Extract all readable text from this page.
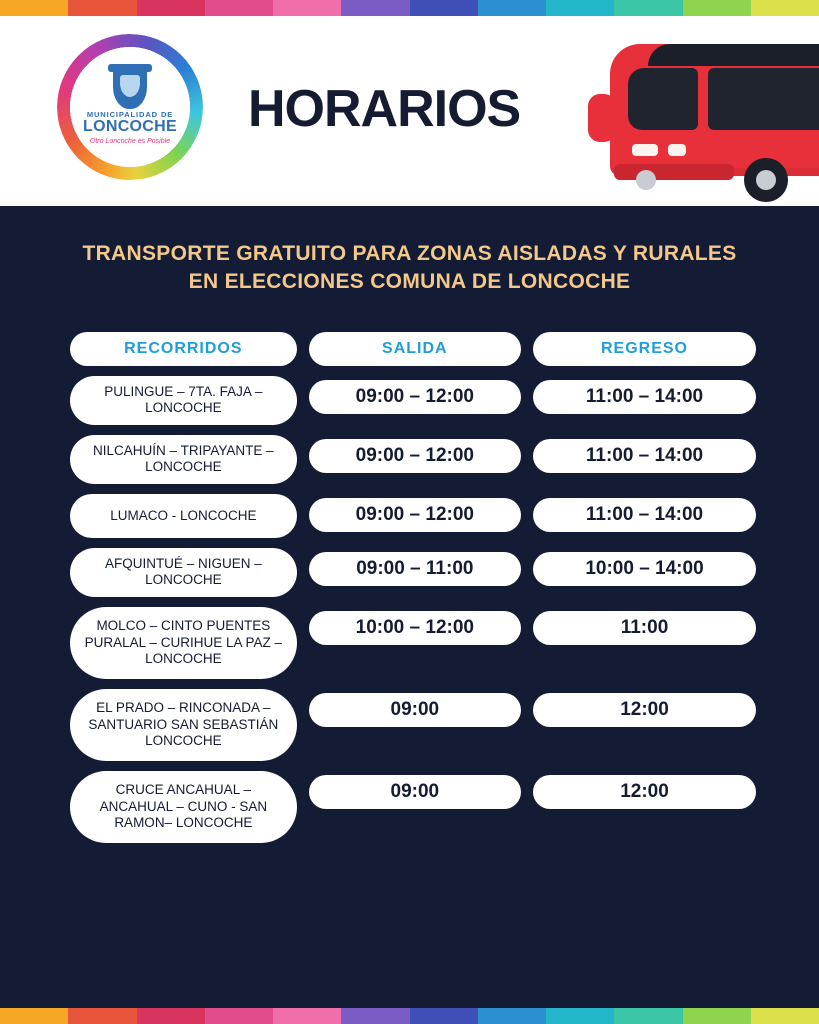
MUNICIPALIDAD DE
LONCOCHE
Otro Loncoche es Posible
HORARIOS
TRANSPORTE GRATUITO PARA ZONAS AISLADAS Y RURALES EN ELECCIONES COMUNA DE LONCOCHE
RECORRIDOS	SALIDA	REGRESO

PULINGUE – 7TA. FAJA – LONCOCHE	09:00 – 12:00	11:00 – 14:00

NILCAHUÍN – TRIPAYANTE – LONCOCHE	09:00 – 12:00	11:00 – 14:00

LUMACO - LONCOCHE	09:00 – 12:00	11:00 – 14:00

AFQUINTUÉ – NIGUEN – LONCOCHE	09:00 – 11:00	10:00 – 14:00

MOLCO – CINTO PUENTES PURALAL – CURIHUE LA PAZ – LONCOCHE	10:00 – 12:00	11:00

EL PRADO – RINCONADA – SANTUARIO SAN SEBASTIÁN LONCOCHE	09:00	12:00

CRUCE ANCAHUAL – ANCAHUAL – CUNO - SAN RAMON– LONCOCHE	09:00	12:00
